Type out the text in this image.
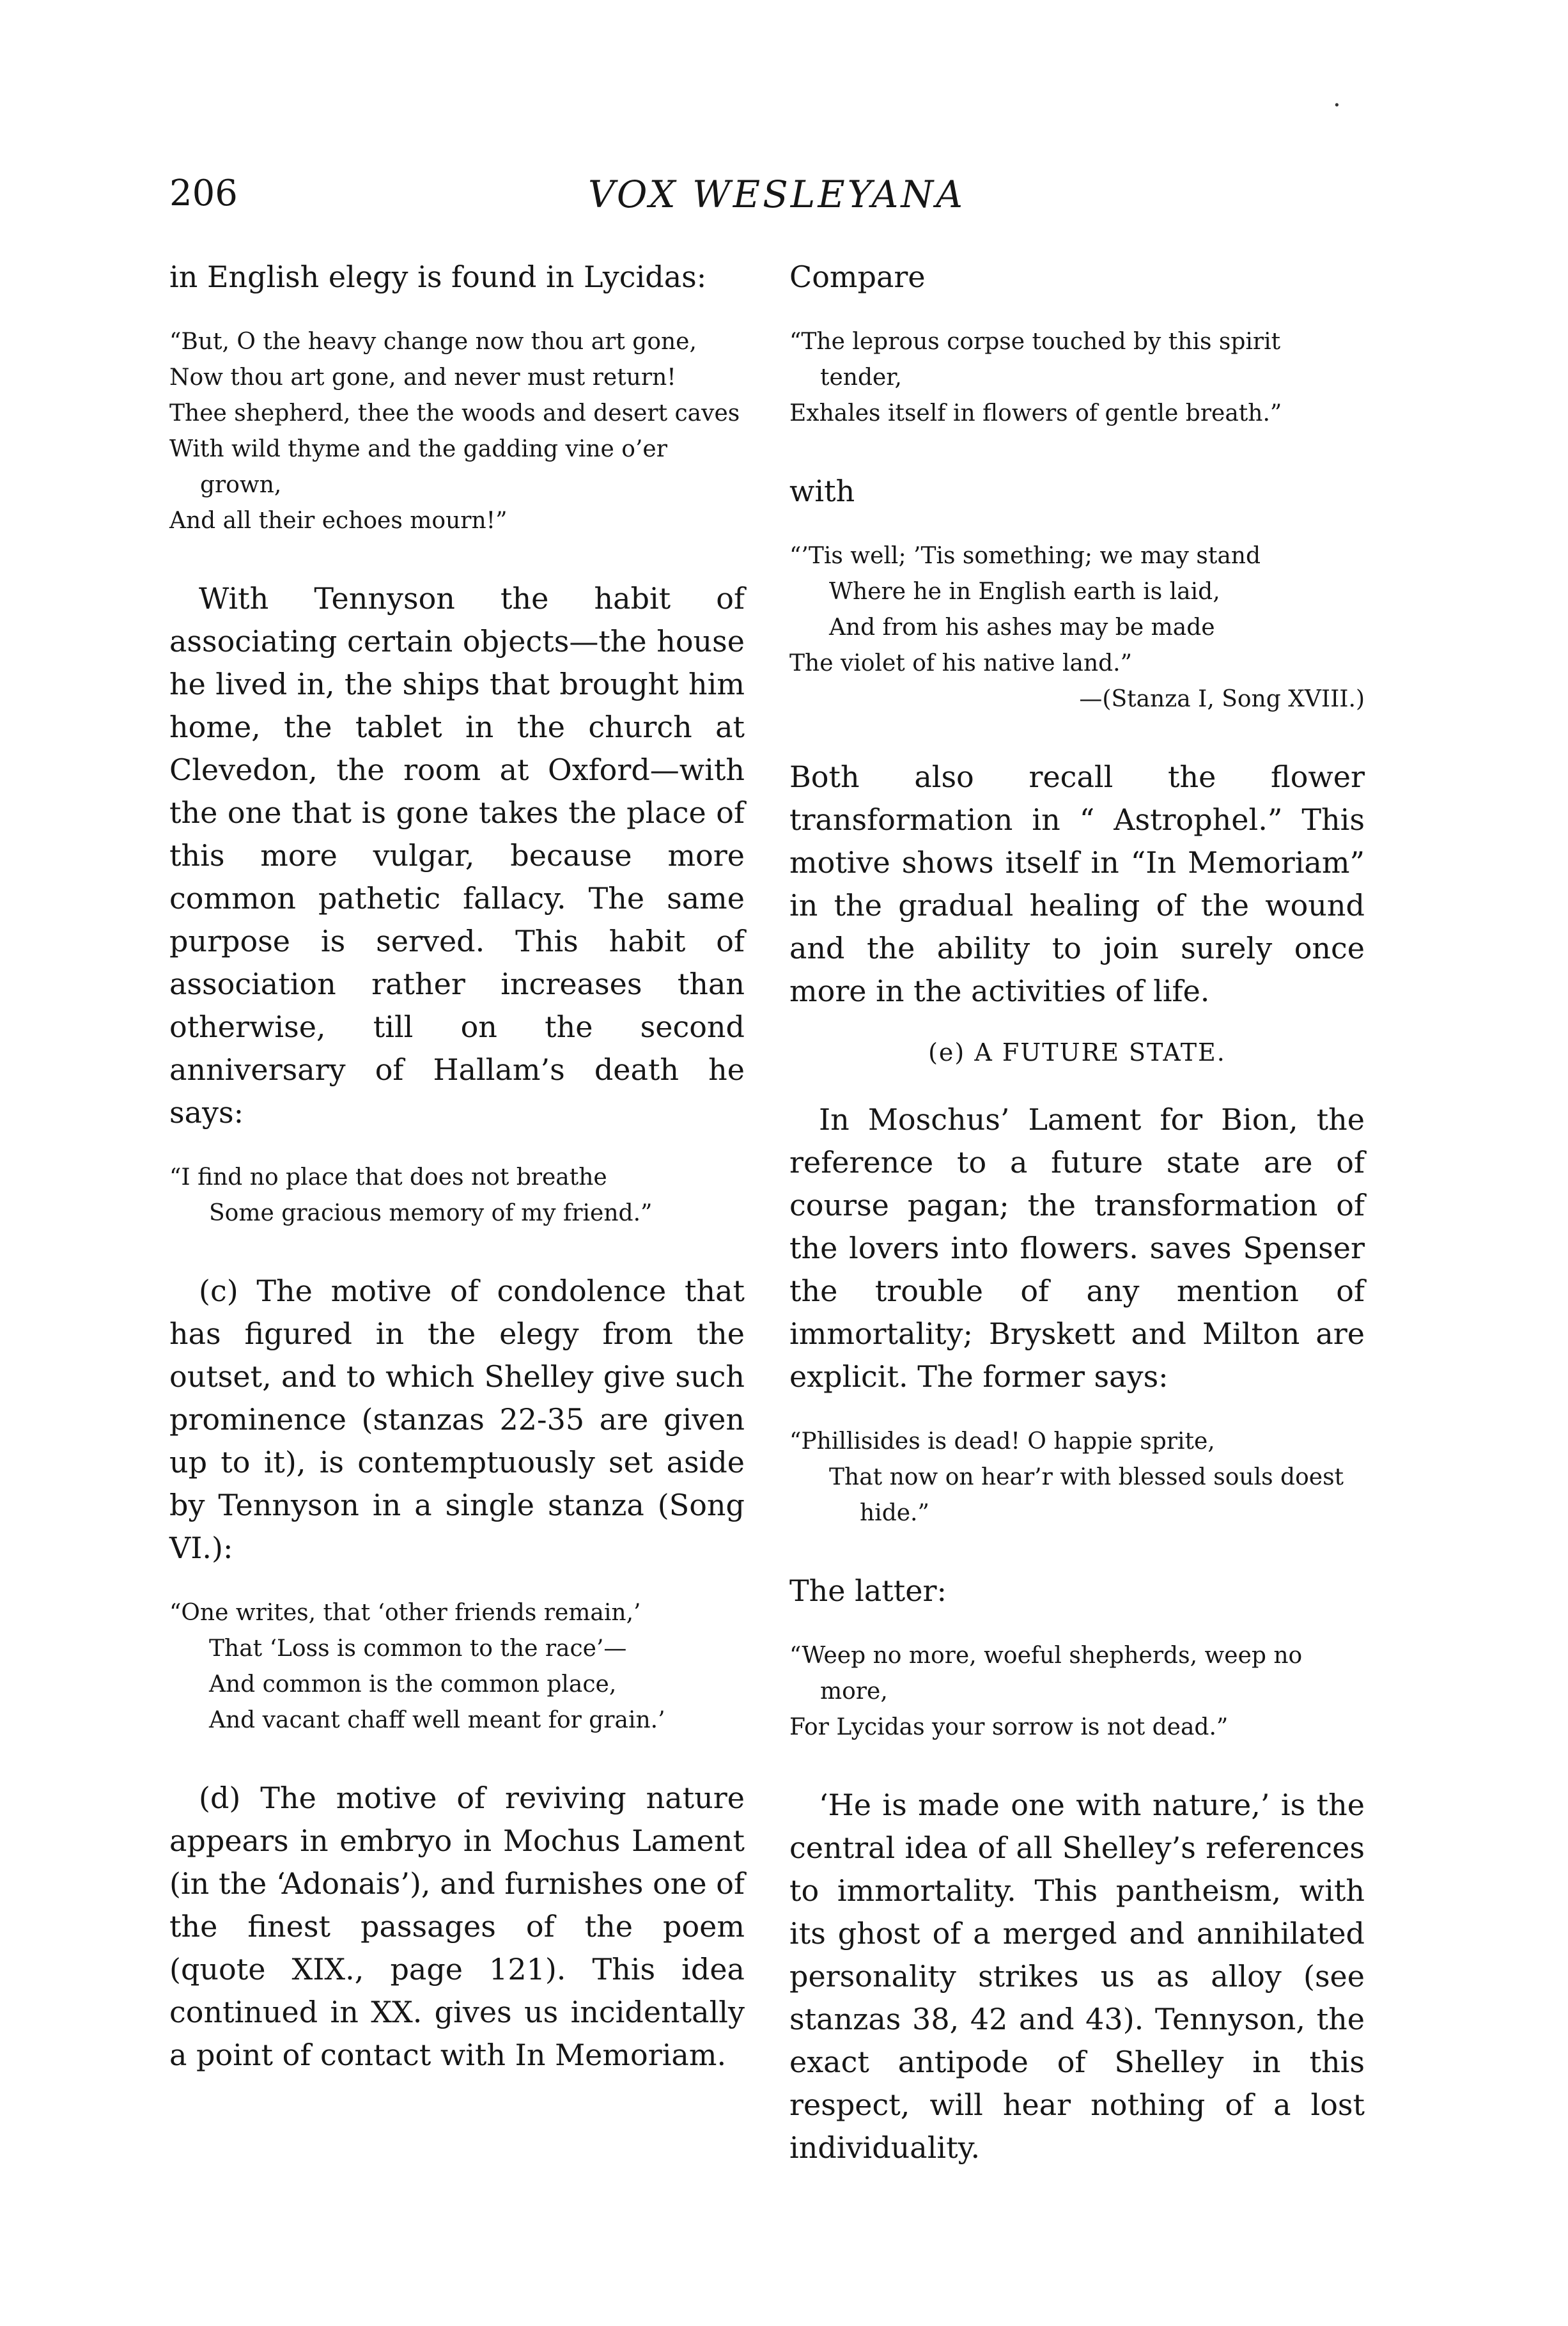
.
VOX WESLEYANA
206

in English elegy is found in Lycidas:

“But, O the heavy change now thou art gone,
Now thou art gone, and never must return!
Thee shepherd, thee the woods and desert caves
With wild thyme and the gadding vine o’er grown,
And all their echoes mourn!”

With Tennyson the habit of associating certain objects—the house he lived in, the ships that brought him home, the tablet in the church at Clevedon, the room at Oxford—with the one that is gone takes the place of this more vulgar, because more common pathetic fallacy. The same purpose is served. This habit of association rather increases than otherwise, till on the second anniversary of Hallam’s death he says:

“I find no place that does not breathe
Some gracious memory of my friend.”

(c) The motive of condolence that has figured in the elegy from the outset, and to which Shelley give such prominence (stanzas 22-35 are given up to it), is contemptuously set aside by Tennyson in a single stanza (Song VI.):

“One writes, that ‘other friends remain,’
That ‘Loss is common to the race’—
And common is the common place,
And vacant chaff well meant for grain.’

(d) The motive of reviving nature appears in embryo in Mochus Lament (in the ‘Adonais’), and furnishes one of the finest passages of the poem (quote XIX., page 121). This idea continued in XX. gives us incidentally a point of contact with In Memoriam.

Compare

“The leprous corpse touched by this spirit tender,
Exhales itself in flowers of gentle breath.”

with

“’Tis well; ’Tis something; we may stand
Where he in English earth is laid,
And from his ashes may be made
The violet of his native land.”
—(Stanza I, Song XVIII.)

Both also recall the flower transformation in “ Astrophel.” This motive shows itself in “In Memoriam” in the gradual healing of the wound and the ability to join surely once more in the activities of life.

(e) A FUTURE STATE.

In Moschus’ Lament for Bion, the reference to a future state are of course pagan; the transformation of the lovers into flowers. saves Spenser the trouble of any mention of immortality; Bryskett and Milton are explicit. The former says:

“Phillisides is dead! O happie sprite,
That now on hear’r with blessed souls doest hide.”

The latter:

“Weep no more, woeful shepherds, weep no more,
For Lycidas your sorrow is not dead.”

‘He is made one with nature,’ is the central idea of all Shelley’s references to immortality. This pantheism, with its ghost of a merged and annihilated personality strikes us as alloy (see stanzas 38, 42 and 43). Tennyson, the exact antipode of Shelley in this respect, will hear nothing of a lost individuality.
